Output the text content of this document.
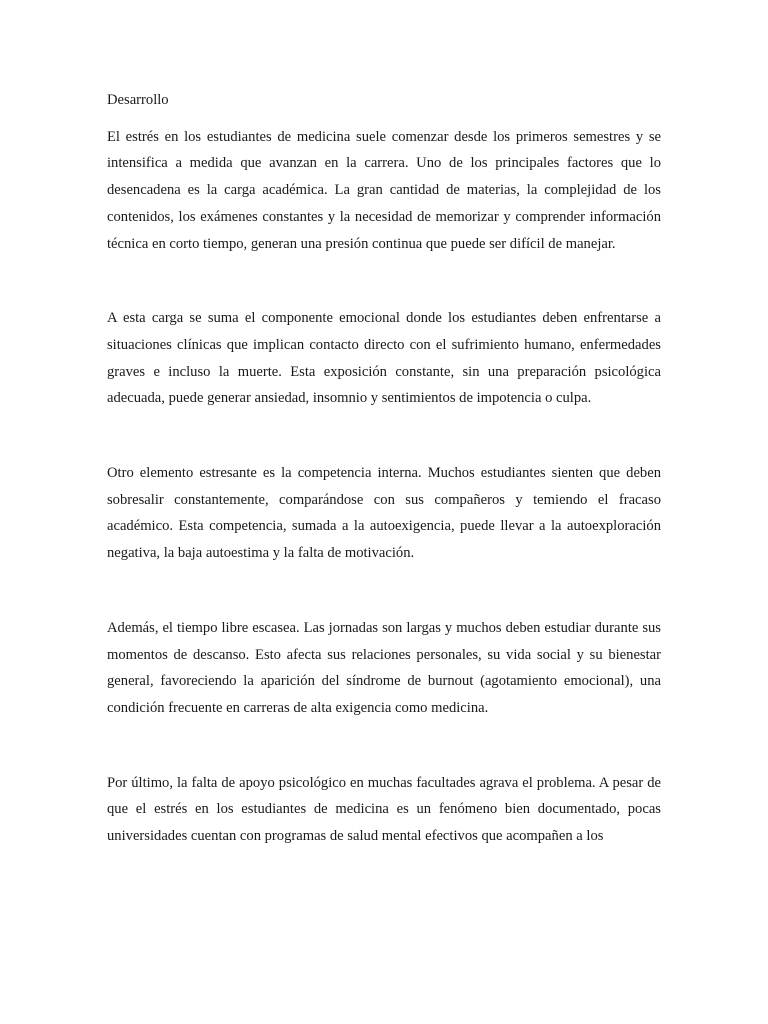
Desarrollo

El estrés en los estudiantes de medicina suele comenzar desde los primeros semestres y se intensifica a medida que avanzan en la carrera. Uno de los principales factores que lo desencadena es la carga académica. La gran cantidad de materias, la complejidad de los contenidos, los exámenes constantes y la necesidad de memorizar y comprender información técnica en corto tiempo, generan una presión continua que puede ser difícil de manejar.

A esta carga se suma el componente emocional donde los estudiantes deben enfrentarse a situaciones clínicas que implican contacto directo con el sufrimiento humano, enfermedades graves e incluso la muerte. Esta exposición constante, sin una preparación psicológica adecuada, puede generar ansiedad, insomnio y sentimientos de impotencia o culpa.

Otro elemento estresante es la competencia interna. Muchos estudiantes sienten que deben sobresalir constantemente, comparándose con sus compañeros y temiendo el fracaso académico. Esta competencia, sumada a la autoexigencia, puede llevar a la autoexploración negativa, la baja autoestima y la falta de motivación.

Además, el tiempo libre escasea. Las jornadas son largas y muchos deben estudiar durante sus momentos de descanso. Esto afecta sus relaciones personales, su vida social y su bienestar general, favoreciendo la aparición del síndrome de burnout (agotamiento emocional), una condición frecuente en carreras de alta exigencia como medicina.

Por último, la falta de apoyo psicológico en muchas facultades agrava el problema. A pesar de que el estrés en los estudiantes de medicina es un fenómeno bien documentado, pocas universidades cuentan con programas de salud mental efectivos que acompañen a los
